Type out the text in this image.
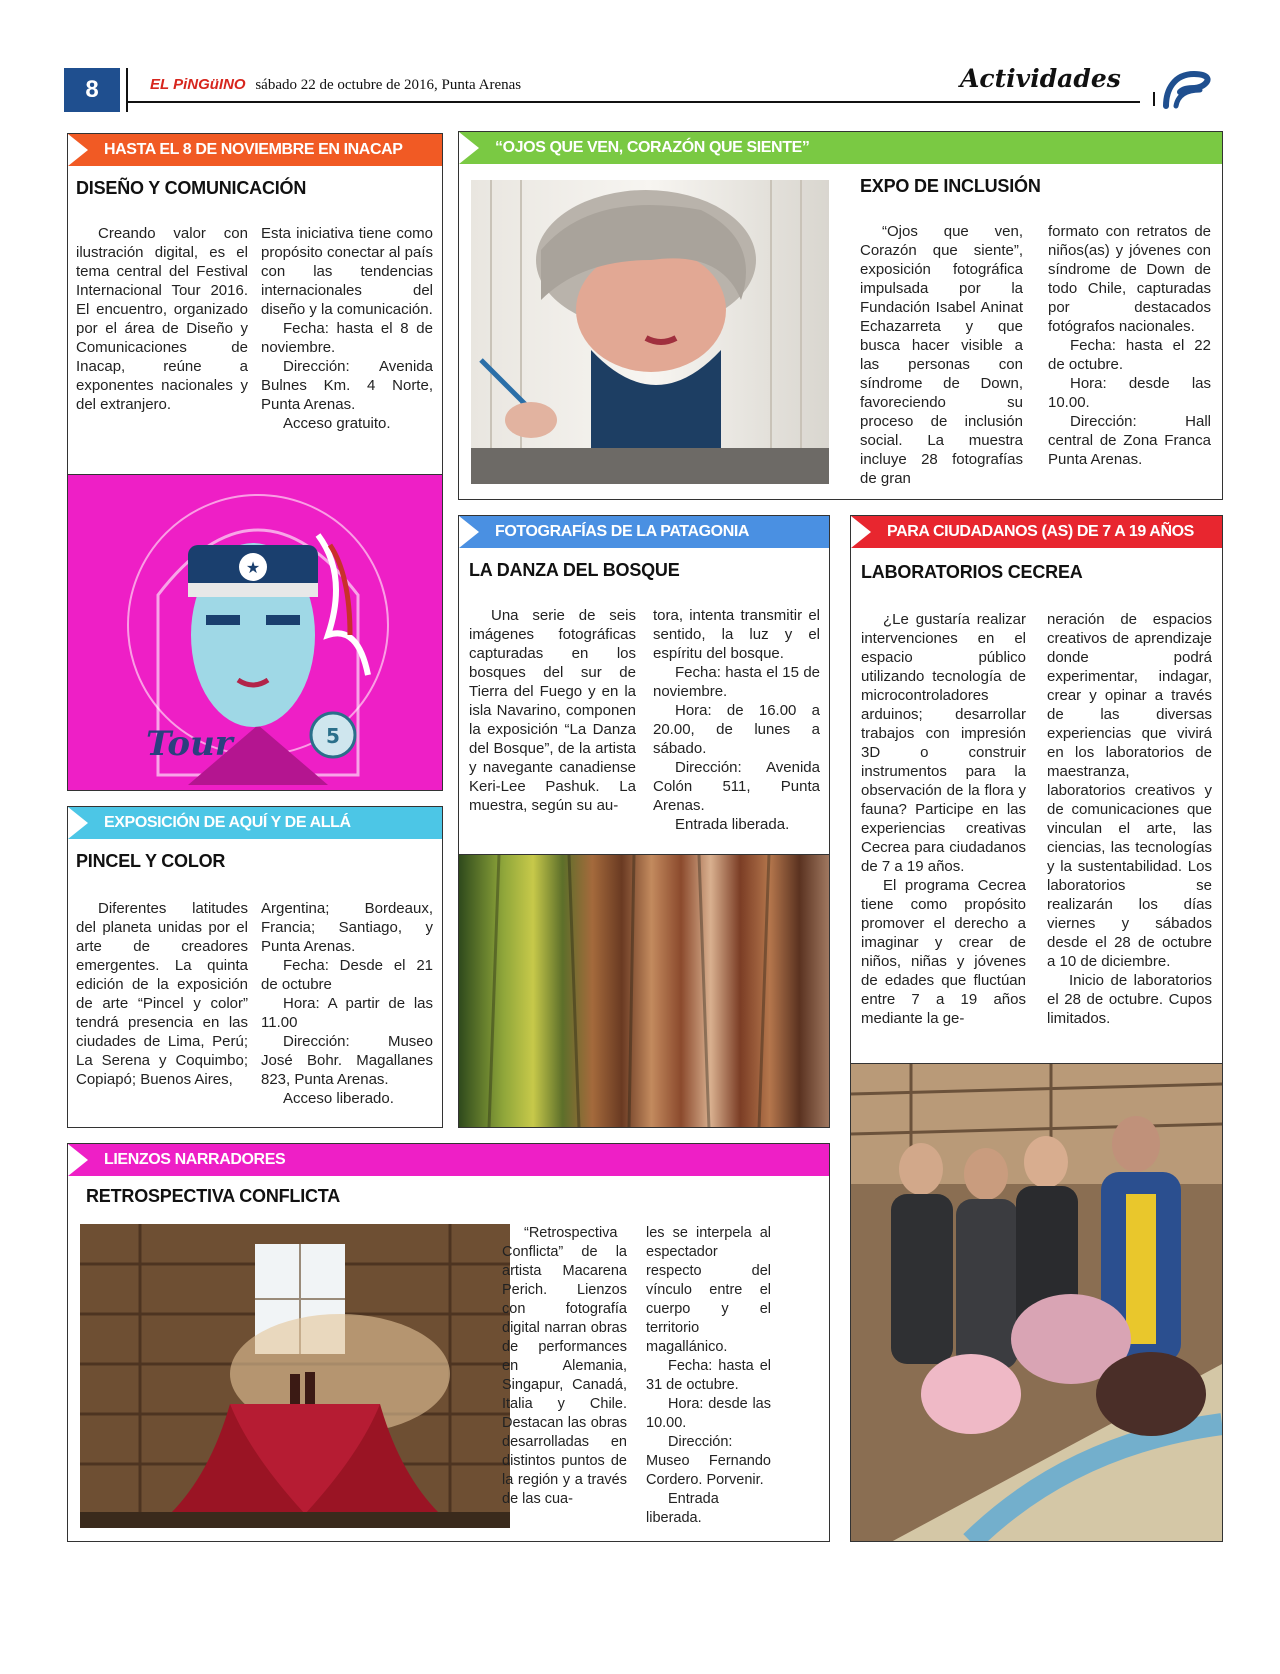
8	EL PiNGüINO sábado 22 de octubre de 2016, Punta Arenas	Actividades
HASTA EL 8 DE NOVIEMBRE EN INACAP
DISEÑO Y COMUNICACIÓN

Creando valor con ilustración digital, es el tema central del Festival Internacional Tour 2016. El encuentro, organizado por el área de Diseño y Comunicaciones de Inacap, reúne a exponentes nacionales y del extranjero.

Esta iniciativa tiene como propósito conectar al país con las tendencias internacionales del diseño y la comunicación.

Fecha: hasta el 8 de noviembre.

Dirección: Avenida Bulnes Km. 4 Norte, Punta Arenas.

Acceso gratuito.

★
5
Tour
“OJOS QUE VEN, CORAZÓN QUE SIENTE”
EXPO DE INCLUSIÓN

“Ojos que ven, Corazón que siente”, exposición fotográfica impulsada por la Fundación Isabel Aninat Echazarreta y que busca hacer visible a las personas con síndrome de Down, favoreciendo su proceso de inclusión social. La muestra incluye 28 fotografías de gran

formato con retratos de niños(as) y jóvenes con síndrome de Down de todo Chile, capturadas por destacados fotógrafos nacionales.

Fecha: hasta el 22 de octubre.

Hora: desde las 10.00.

Dirección: Hall central de Zona Franca Punta Arenas.

FOTOGRAFÍAS DE LA PATAGONIA
LA DANZA DEL BOSQUE

Una serie de seis imágenes fotográficas capturadas en los bosques del sur de Tierra del Fuego y en la isla Navarino, componen la exposición “La Danza del Bosque”, de la artista y navegante canadiense Keri-Lee Pashuk. La muestra, según su au-

tora, intenta transmitir el sentido, la luz y el espíritu del bosque.

Fecha: hasta el 15 de noviembre.

Hora: de 16.00 a 20.00, de lunes a sábado.

Dirección: Avenida Colón 511, Punta Arenas.

Entrada liberada.

PARA CIUDADANOS (AS) DE 7 A 19 AÑOS
LABORATORIOS CECREA

¿Le gustaría realizar intervenciones en el espacio público utilizando tecnología de microcontroladores arduinos; desarrollar trabajos con impresión 3D o construir instrumentos para la observación de la flora y fauna? Participe en las experiencias creativas Cecrea para ciudadanos de 7 a 19 años.

El programa Cecrea tiene como propósito promover el derecho a imaginar y crear de niños, niñas y jóvenes de edades que fluctúan entre 7 a 19 años mediante la ge-

neración de espacios creativos de aprendizaje donde podrá experimentar, indagar, crear y opinar a través de las diversas experiencias que vivirá en los laboratorios de maestranza, laboratorios creativos y de comunicaciones que vinculan el arte, las ciencias, las tecnologías y la sustentabilidad. Los laboratorios se realizarán los días viernes y sábados desde el 28 de octubre a 10 de diciembre.

Inicio de laboratorios el 28 de octubre. Cupos limitados.

EXPOSICIÓN DE AQUÍ Y DE ALLÁ
PINCEL Y COLOR

Diferentes latitudes del planeta unidas por el arte de creadores emergentes. La quinta edición de la exposición de arte “Pincel y color” tendrá presencia en las ciudades de Lima, Perú; La Serena y Coquimbo; Copiapó; Buenos Aires,

Argentina; Bordeaux, Francia; Santiago, y Punta Arenas.

Fecha: Desde el 21 de octubre

Hora: A partir de las 11.00

Dirección: Museo José Bohr. Magallanes 823, Punta Arenas.

Acceso liberado.

LIENZOS NARRADORES
RETROSPECTIVA CONFLICTA

“Retrospectiva Conflicta” de la artista Macarena Perich. Lienzos con fotografía digital narran obras de performances en Alemania, Singapur, Canadá, Italia y Chile. Destacan las obras desarrolladas en distintos puntos de la región y a través de las cua-

les se interpela al espectador respecto del vínculo entre el cuerpo y el territorio magallánico.

Fecha: hasta el 31 de octubre.

Hora: desde las 10.00.

Dirección: Museo Fernando Cordero. Porvenir.

Entrada liberada.
